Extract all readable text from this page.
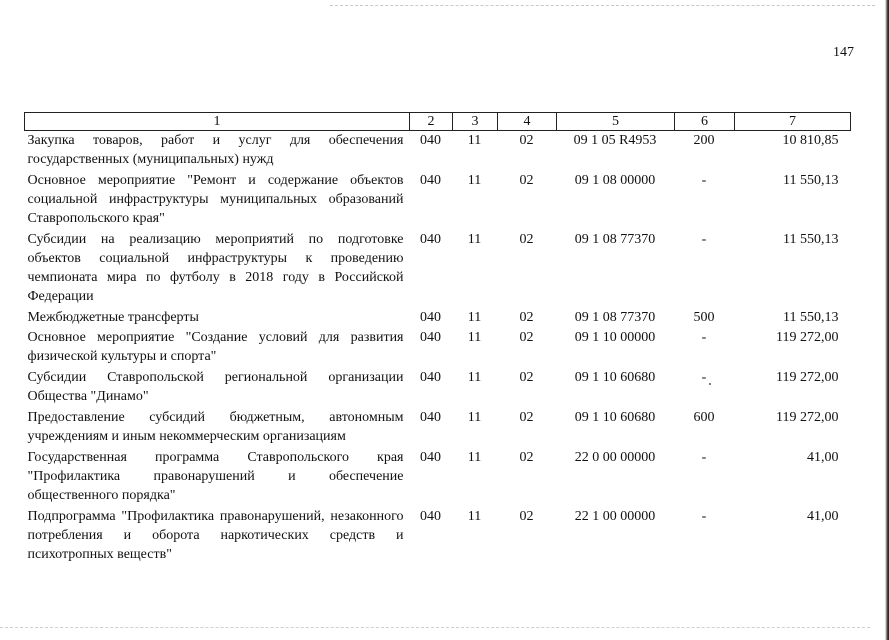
147
1	2	3	4	5	6	7
Закупка товаров, работ и услуг для обеспечения государственных (муниципальных) нужд	040	11	02	09 1 05 R4953	200	10 810,85
Основное мероприятие "Ремонт и содержание объектов социальной инфраструктуры муниципальных образований Ставропольского края"	040	11	02	09 1 08 00000	-	11 550,13
Субсидии на реализацию мероприятий по подготовке объектов социальной инфраструктуры к проведению чемпионата мира по футболу в 2018 году в Российской Федерации	040	11	02	09 1 08 77370	-	11 550,13
Межбюджетные трансферты	040	11	02	09 1 08 77370	500	11 550,13
Основное мероприятие "Создание условий для развития физической культуры и спорта"	040	11	02	09 1 10 00000	-	119 272,00
Субсидии Ставропольской региональной организации Общества "Динамо"	040	11	02	09 1 10 60680	-	119 272,00
Предоставление субсидий бюджетным, автономным учреждениям и иным некоммерческим организациям	040	11	02	09 1 10 60680	600	119 272,00
Государственная программа Ставропольского края "Профилактика правонарушений и обеспечение общественного порядка"	040	11	02	22 0 00 00000	-	41,00
Подпрограмма "Профилактика правонарушений, незаконного потребления и оборота наркотических средств и психотропных веществ"	040	11	02	22 1 00 00000	-	41,00
